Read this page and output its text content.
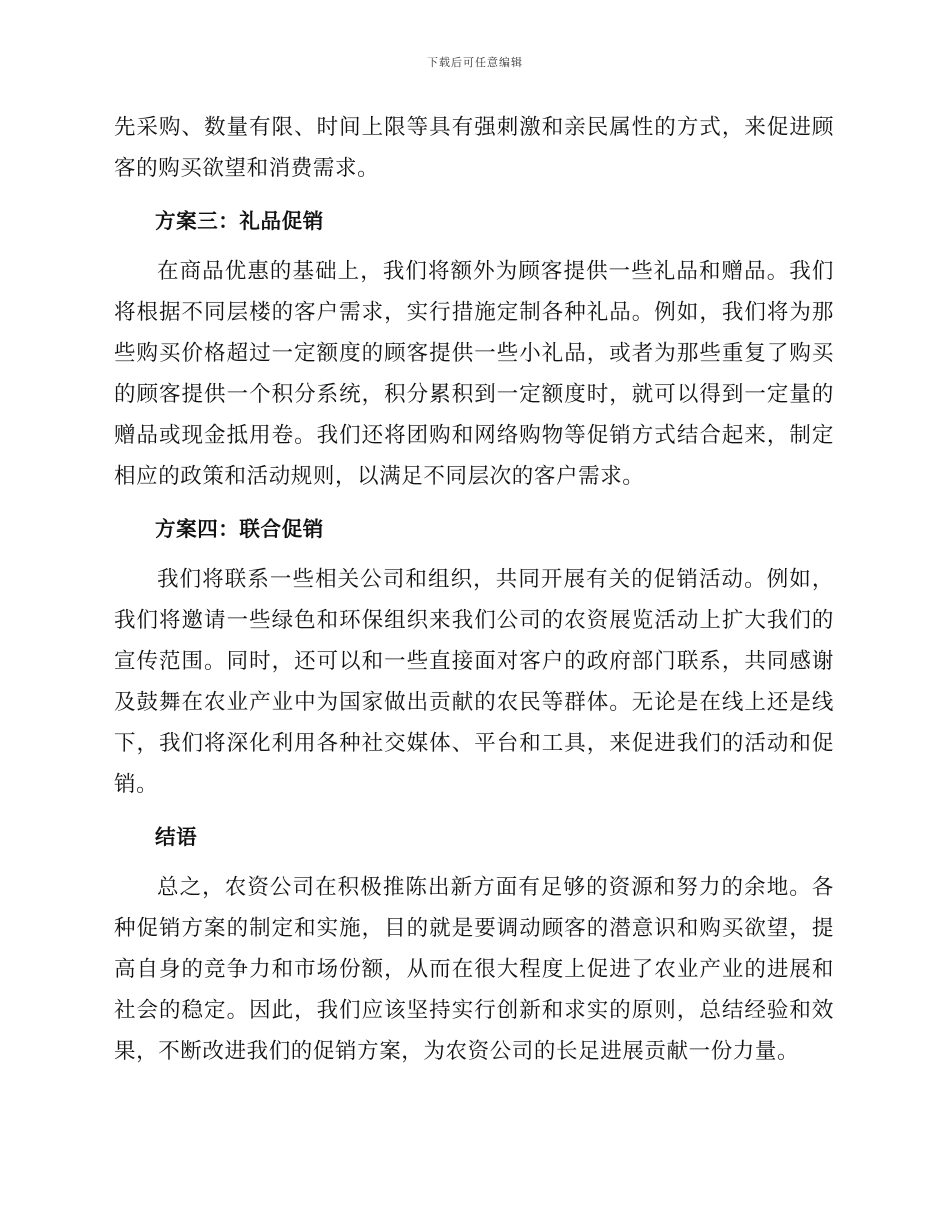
下载后可任意编辑

先采购、数量有限、时间上限等具有强刺激和亲民属性的方式，来促进顾客的购买欲望和消费需求。

方案三：礼品促销

在商品优惠的基础上，我们将额外为顾客提供一些礼品和赠品。我们将根据不同层楼的客户需求，实行措施定制各种礼品。例如，我们将为那些购买价格超过一定额度的顾客提供一些小礼品，或者为那些重复了购买的顾客提供一个积分系统，积分累积到一定额度时，就可以得到一定量的赠品或现金抵用卷。我们还将团购和网络购物等促销方式结合起来，制定相应的政策和活动规则，以满足不同层次的客户需求。

方案四：联合促销

我们将联系一些相关公司和组织，共同开展有关的促销活动。例如，我们将邀请一些绿色和环保组织来我们公司的农资展览活动上扩大我们的宣传范围。同时，还可以和一些直接面对客户的政府部门联系，共同感谢及鼓舞在农业产业中为国家做出贡献的农民等群体。无论是在线上还是线下，我们将深化利用各种社交媒体、平台和工具，来促进我们的活动和促销。

结语

总之，农资公司在积极推陈出新方面有足够的资源和努力的余地。各种促销方案的制定和实施，目的就是要调动顾客的潜意识和购买欲望，提高自身的竞争力和市场份额，从而在很大程度上促进了农业产业的进展和社会的稳定。因此，我们应该坚持实行创新和求实的原则，总结经验和效果，不断改进我们的促销方案，为农资公司的长足进展贡献一份力量。
